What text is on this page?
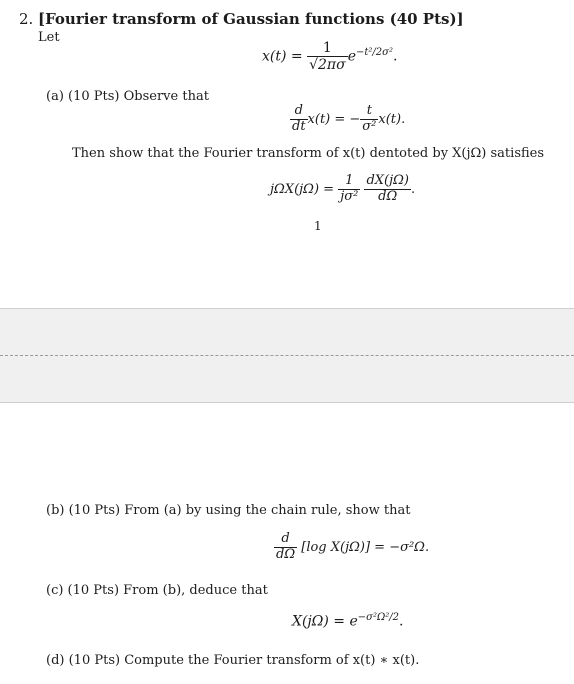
2. [Fourier transform of Gaussian functions (40 Pts)]
Let
$x(t) = \frac{1}{√2\pi\sigma} e^{-t^2/2\sigma^2}$.
(a) (10 Pts) Observe that
$\frac{d}{dt} x(t)$ = − $\frac{t}{\text{σ²}} x(t)$.
Then show that the Fourier transform of x(t) dentoted by X(jΩ) satisfies
$j\Omega X(j\Omega) = \frac{1}{\text{jσ²}}$
$\frac{dX(j\Omega)}{d\Omega}$ .
1
(b) (10 Pts) From (a) by using the chain rule, show that
$\frac{d}{d\Omega} [\log$ X(jΩ)] = −σ²Ω.
(c) (10 Pts) From (b), deduce that
$X(j\Omega) = e^{-\sigma^2\Omega^2/2}$.
(d) (10 Pts) Compute the Fourier transform of x(t) ∗ x(t).
